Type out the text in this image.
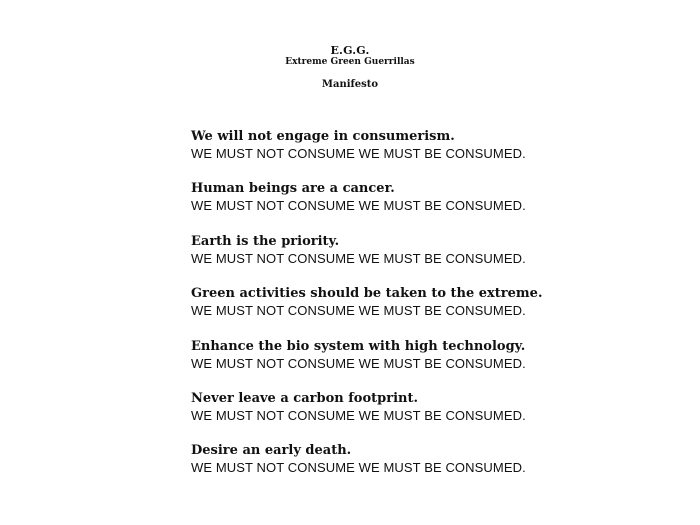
E.G.G.
Extreme Green Guerrillas
Manifesto
We will not engage in consumerism.
WE MUST NOT CONSUME WE MUST BE CONSUMED.
Human beings are a cancer.
WE MUST NOT CONSUME WE MUST BE CONSUMED.
Earth is the priority.
WE MUST NOT CONSUME WE MUST BE CONSUMED.
Green activities should be taken to the extreme.
WE MUST NOT CONSUME WE MUST BE CONSUMED.
Enhance the bio system with high technology.
WE MUST NOT CONSUME WE MUST BE CONSUMED.
Never leave a carbon footprint.
WE MUST NOT CONSUME WE MUST BE CONSUMED.
Desire an early death.
WE MUST NOT CONSUME WE MUST BE CONSUMED.
